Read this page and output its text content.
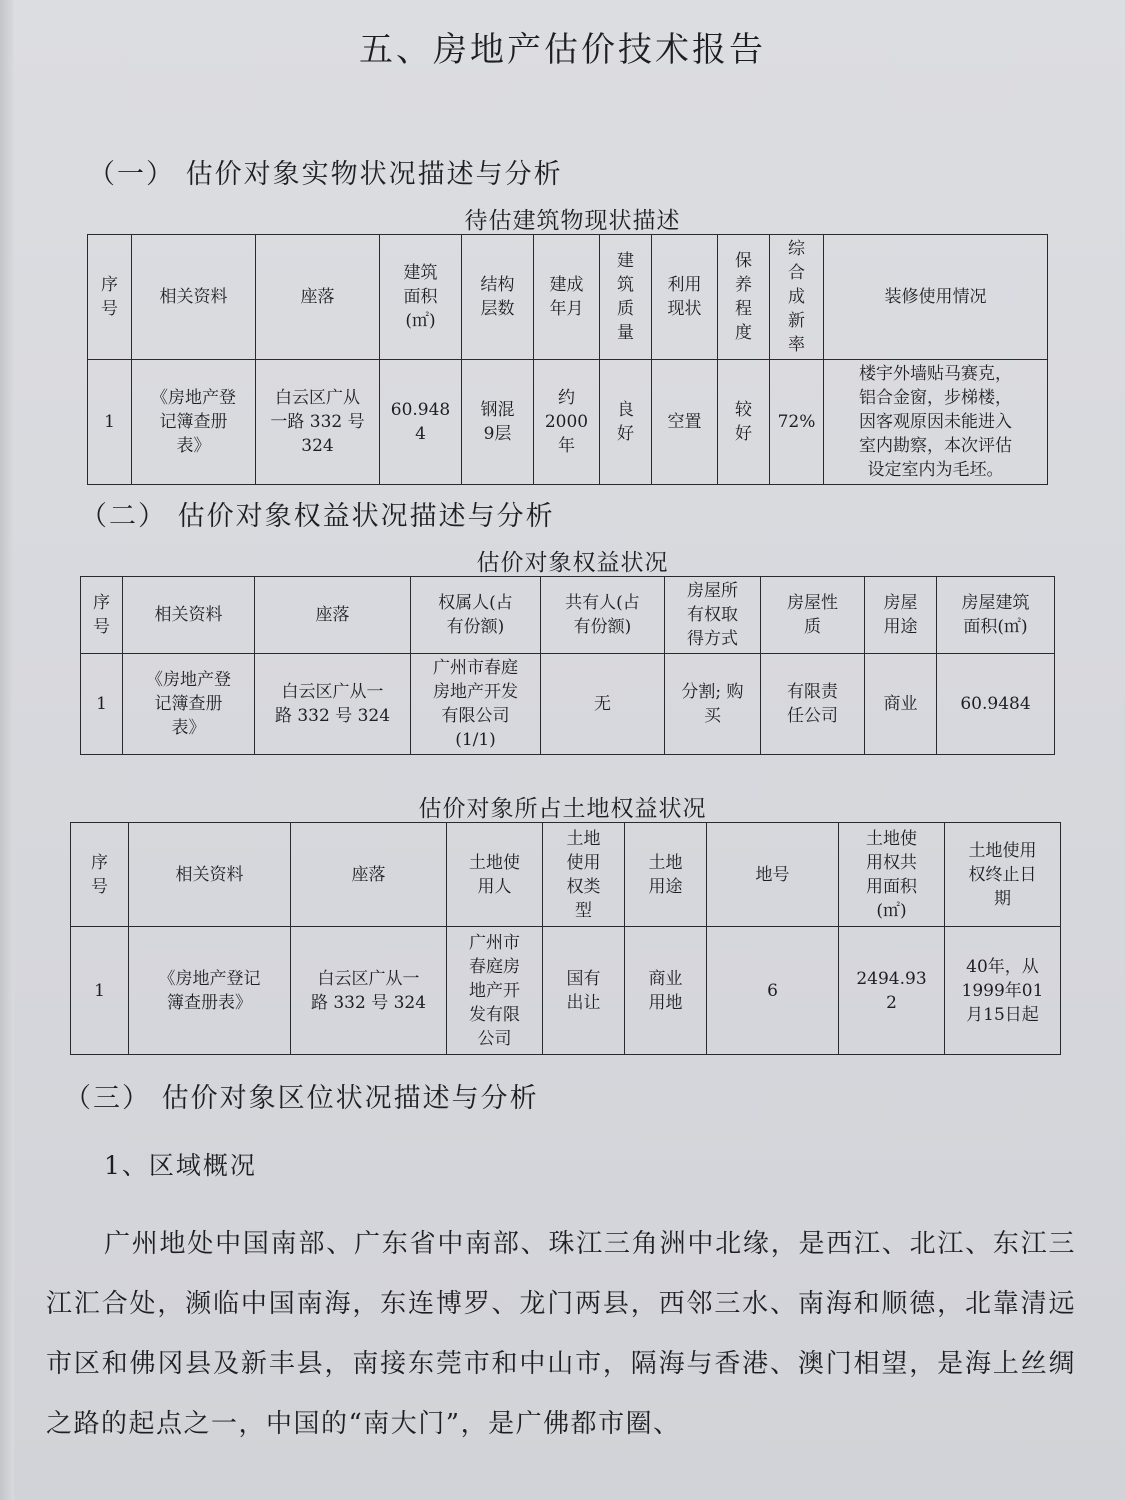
五、房地产估价技术报告
（一） 估价对象实物状况描述与分析
待估建筑物现状描述
序
号	相关资料	座落	建筑
面积
(㎡)	结构
层数	建成
年月	建
筑
质
量	利用
现状	保
养
程
度	综
合
成
新
率	装修使用情况
1	《房地产登
记簿查册
表》	白云区广从
一路 332 号
324	60.948
4	钢混
9层	约
2000
年	良
好	空置	较
好	72%	楼宇外墙贴马赛克，
铝合金窗，步梯楼，
因客观原因未能进入
室内勘察，本次评估
设定室内为毛坯。
（二） 估价对象权益状况描述与分析
估价对象权益状况
序
号	相关资料	座落	权属人(占
有份额)	共有人(占
有份额)	房屋所
有权取
得方式	房屋性
质	房屋
用途	房屋建筑
面积(㎡)
1	《房地产登
记簿查册
表》	白云区广从一
路 332 号 324	广州市春庭
房地产开发
有限公司
(1/1)	无	分割; 购
买	有限责
任公司	商业	60.9484
估价对象所占土地权益状况
序
号	相关资料	座落	土地使
用人	土地
使用
权类
型	土地
用途	地号	土地使
用权共
用面积
(㎡)	土地使用
权终止日
期
1	《房地产登记
簿查册表》	白云区广从一
路 332 号 324	广州市
春庭房
地产开
发有限
公司	国有
出让	商业
用地	6	2494.93
2	40年，从
1999年01
月15日起
（三） 估价对象区位状况描述与分析
1、区域概况
广州地处中国南部、广东省中南部、珠江三角洲中北缘，是西江、北江、东江三江汇合处，濒临中国南海，东连博罗、龙门两县，西邻三水、南海和顺德，北靠清远市区和佛冈县及新丰县，南接东莞市和中山市，隔海与香港、澳门相望，是海上丝绸之路的起点之一，中国的“南大门”，是广佛都市圈、
